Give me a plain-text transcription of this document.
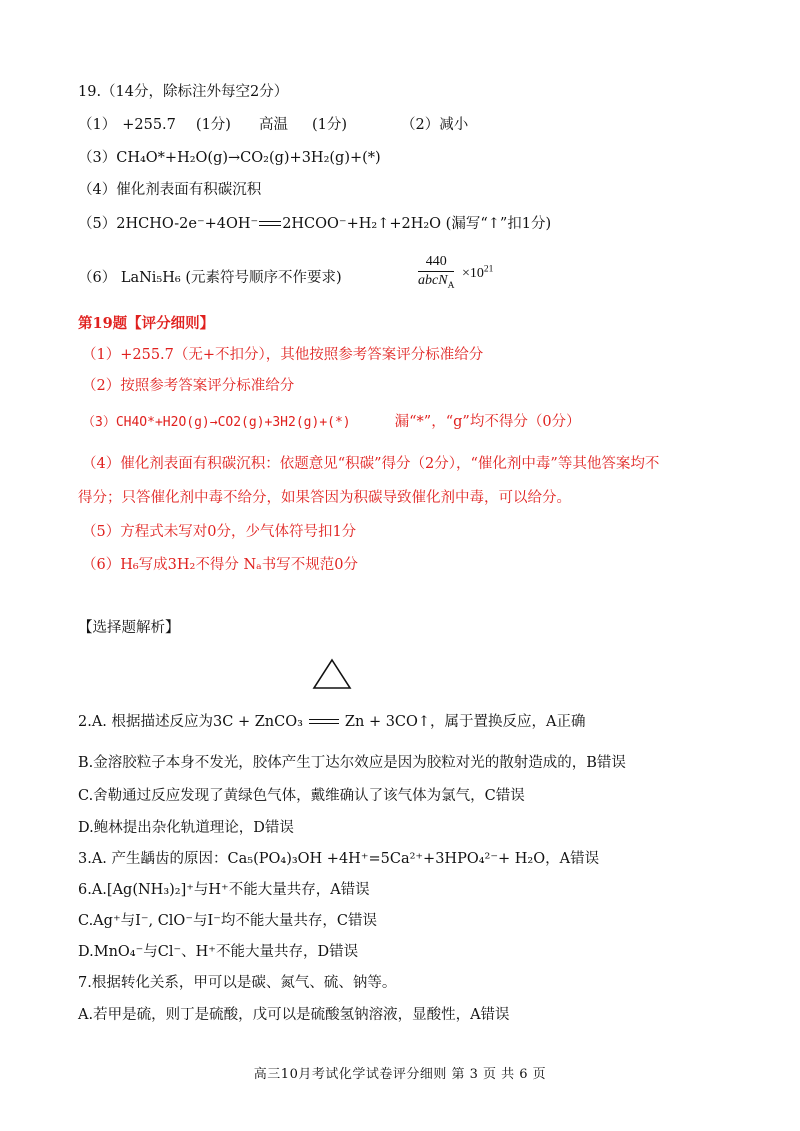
19.（14分，除标注外每空2分）
（1） +255.7 (1分) 高温 (1分)	（2）减小
（3）CH₄O*+H₂O(g)→CO₂(g)+3H₂(g)+(*)
（4）催化剂表面有积碳沉积
（5）2HCHO-2e⁻+4OH⁻ 2HCOO⁻+H₂↑+2H₂O (漏写“↑”扣1分)
（6） LaNi₅H₆ (元素符号顺序不作要求)
440
abcN$_A$
$\times 10^{21}$
第19题【评分细则】
（1）+255.7（无+不扣分），其他按照参考答案评分标准给分
（2）按照参考答案评分标准给分
（3）CH4O*+H2O(g)→CO2(g)+3H2(g)+(*)	漏“*”，“g”均不得分（0分）
（4）催化剂表面有积碳沉积：依题意见“积碳”得分（2分），“催化剂中毒”等其他答案均不
得分；只答催化剂中毒不给分，如果答因为积碳导致催化剂中毒，可以给分。
（5）方程式未写对0分，少气体符号扣1分
（6）H₆写成3H₂不得分 Nₐ书写不规范0分
【选择题解析】
2.A. 根据描述反应为3C + ZnCO₃	Zn + 3CO↑，属于置换反应，A正确
B.金溶胶粒子本身不发光，胶体产生丁达尔效应是因为胶粒对光的散射造成的，B错误
C.舍勒通过反应发现了黄绿色气体，戴维确认了该气体为氯气，C错误
D.鲍林提出杂化轨道理论，D错误
3.A. 产生龋齿的原因：Ca₅(PO₄)₃OH +4H⁺=5Ca²⁺+3HPO₄²⁻+ H₂O，A错误
6.A.[Ag(NH₃)₂]⁺与H⁺不能大量共存，A错误
C.Ag⁺与I⁻, ClO⁻与I⁻均不能大量共存，C错误
D.MnO₄⁻与Cl⁻、H⁺不能大量共存，D错误
7.根据转化关系，甲可以是碳、氮气、硫、钠等。
A.若甲是硫，则丁是硫酸，戊可以是硫酸氢钠溶液，显酸性，A错误
高三10月考试化学试卷评分细则 第 3 页 共 6 页
